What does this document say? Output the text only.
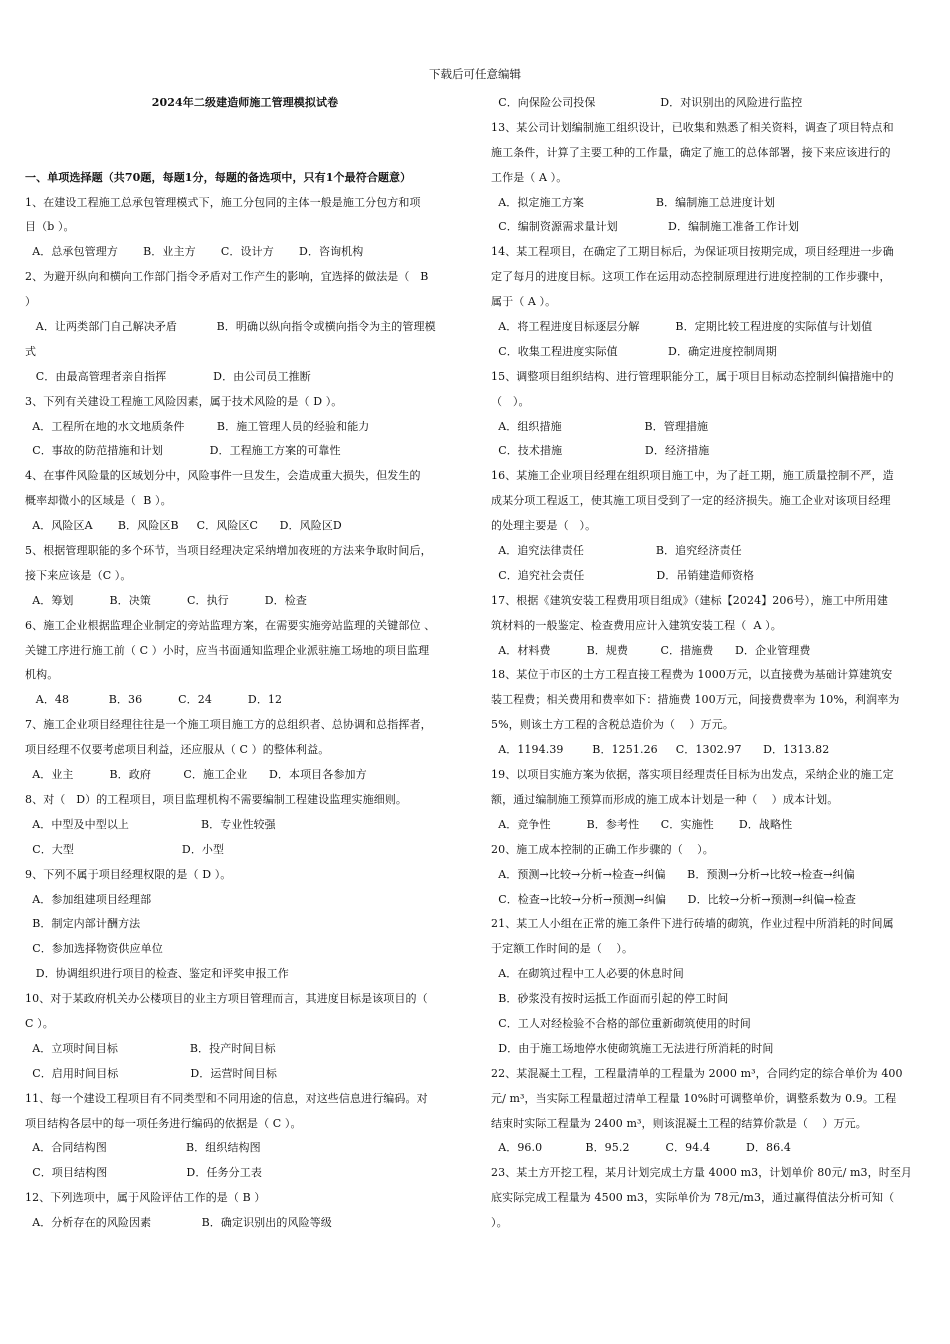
下载后可任意编辑
2024年二级建造师施工管理模拟试卷
一、单项选择题（共70题，每题1分，每题的备选项中，只有1个最符合题意）
1、在建设工程施工总承包管理模式下，施工分包同的主体一般是施工分包方和项
目（b ）。
A．总承包管理方       B．业主方       C．设计方       D．咨询机构
2、为避开纵向和横向工作部门指令矛盾对工作产生的影响，宜选择的做法是（   B
）
A．让两类部门自己解决矛盾           B．明确以纵向指令或横向指令为主的管理模
式
C．由最高管理者亲自指挥             D．由公司员工推断
3、下列有关建设工程施工风险因素，属于技术风险的是（ D ）。
A．工程所在地的水文地质条件         B．施工管理人员的经验和能力
C．事故的防范措施和计划             D．工程施工方案的可靠性
4、在事件风险量的区域划分中，风险事件一旦发生，会造成重大损失，但发生的
概率却微小的区域是（  B ）。
A．风险区A       B．风险区B     C．风险区C      D．风险区D
5、根据管理职能的多个环节，当项目经理决定采纳增加夜班的方法来争取时间后，
接下来应该是（C ）。
A．筹划          B．决策          C．执行          D．检查
6、施工企业根据监理企业制定的旁站监理方案，在需要实施旁站监理的关键部位 、
关键工序进行施工前（ C ）小时，应当书面通知监理企业派驻施工场地的项目监理
机构。
A．48           B．36          C．24          D．12
7、施工企业项目经理往往是一个施工项目施工方的总组织者、总协调和总指挥者，
项目经理不仅要考虑项目利益，还应服从（ C ）的整体利益。
A．业主          B．政府         C．施工企业      D．本项目各参加方
8、对（   D）的工程项目，项目监理机构不需要编制工程建设监理实施细则。
A．中型及中型以上                    B．专业性较强
C．大型                              D．小型
9、下列不属于项目经理权限的是（ D ）。
A．参加组建项目经理部
B．制定内部计酬方法
C．参加选择物资供应单位
D．协调组织进行项目的检查、鉴定和评奖申报工作
10、对于某政府机关办公楼项目的业主方项目管理而言，其进度目标是该项目的（
C ）。
A．立项时间目标                    B．投产时间目标
C．启用时间目标                    D．运营时间目标
11、每一个建设工程项目有不同类型和不同用途的信息，对这些信息进行编码。对
项目结构各层中的每一项任务进行编码的依据是（ C ）。
A．合同结构图                      B．组织结构图
C．项目结构图                      D．任务分工表
12、下列选项中，属于风险评估工作的是（ B ）
A．分析存在的风险因素              B．确定识别出的风险等级
C．向保险公司投保                  D．对识别出的风险进行监控
13、某公司计划编制施工组织设计，已收集和熟悉了相关资料，调查了项目特点和
施工条件，计算了主要工种的工作量，确定了施工的总体部署，接下来应该进行的
工作是（ A ）。
A．拟定施工方案                    B．编制施工总进度计划
C．编制资源需求量计划              D．编制施工准备工作计划
14、某工程项目，在确定了工期目标后，为保证项目按期完成，项目经理进一步确
定了每月的进度目标。这项工作在运用动态控制原理进行进度控制的工作步骤中，
属于（ A ）。
A．将工程进度目标逐层分解          B．定期比较工程进度的实际值与计划值
C．收集工程进度实际值              D．确定进度控制周期
15、调整项目组织结构、进行管理职能分工，属于项目目标动态控制纠偏措施中的
（   ）。
A．组织措施                       B．管理措施
C．技术措施                       D．经济措施
16、某施工企业项目经理在组织项目施工中，为了赶工期，施工质量控制不严，造
成某分项工程返工，使其施工项目受到了一定的经济损失。施工企业对该项目经理
的处理主要是（   ）。
A．追究法律责任                    B．追究经济责任
C．追究社会责任                    D．吊销建造师资格
17、根据《建筑安装工程费用项目组成》（建标【2024】206号），施工中所用建
筑材料的一般鉴定、检查费用应计入建筑安装工程（  A ）。
A．材料费          B．规费         C．措施费      D．企业管理费
18、某位于市区的土方工程直接工程费为 1000万元，以直接费为基础计算建筑安
装工程费；相关费用和费率如下：措施费 100万元，间接费费率为 10%，利润率为
5%，则该土方工程的含税总造价为（    ）万元。
A．1194.39        B．1251.26     C．1302.97      D．1313.82
19、以项目实施方案为依据，落实项目经理责任目标为出发点，采纳企业的施工定
额，通过编制施工预算而形成的施工成本计划是一种（    ）成本计划。
A．竞争性          B．参考性      C．实施性       D．战略性
20、施工成本控制的正确工作步骤的（    ）。
A．预测→比较→分析→检查→纠偏      B．预测→分析→比较→检查→纠偏
C．检查→比较→分析→预测→纠偏      D．比较→分析→预测→纠偏→检查
21、某工人小组在正常的施工条件下进行砖墙的砌筑，作业过程中所消耗的时间属
于定额工作时间的是（    ）。
A．在砌筑过程中工人必要的休息时间
B．砂浆没有按时运抵工作面而引起的停工时间
C．工人对经检验不合格的部位重新砌筑使用的时间
D．由于施工场地停水使砌筑施工无法进行所消耗的时间
22、某混凝土工程，工程量清单的工程量为 2000 m³，合同约定的综合单价为 400
元/ m³，当实际工程量超过清单工程量 10%时可调整单价，调整系数为 0.9。工程
结束时实际工程量为 2400 m³，则该混凝土工程的结算价款是（    ）万元。
A．96.0            B．95.2          C．94.4          D．86.4
23、某土方开挖工程，某月计划完成土方量 4000 m3，计划单价 80元/ m3，时至月
底实际完成工程量为 4500 m3，实际单价为 78元/m3，通过赢得值法分析可知（
）。
